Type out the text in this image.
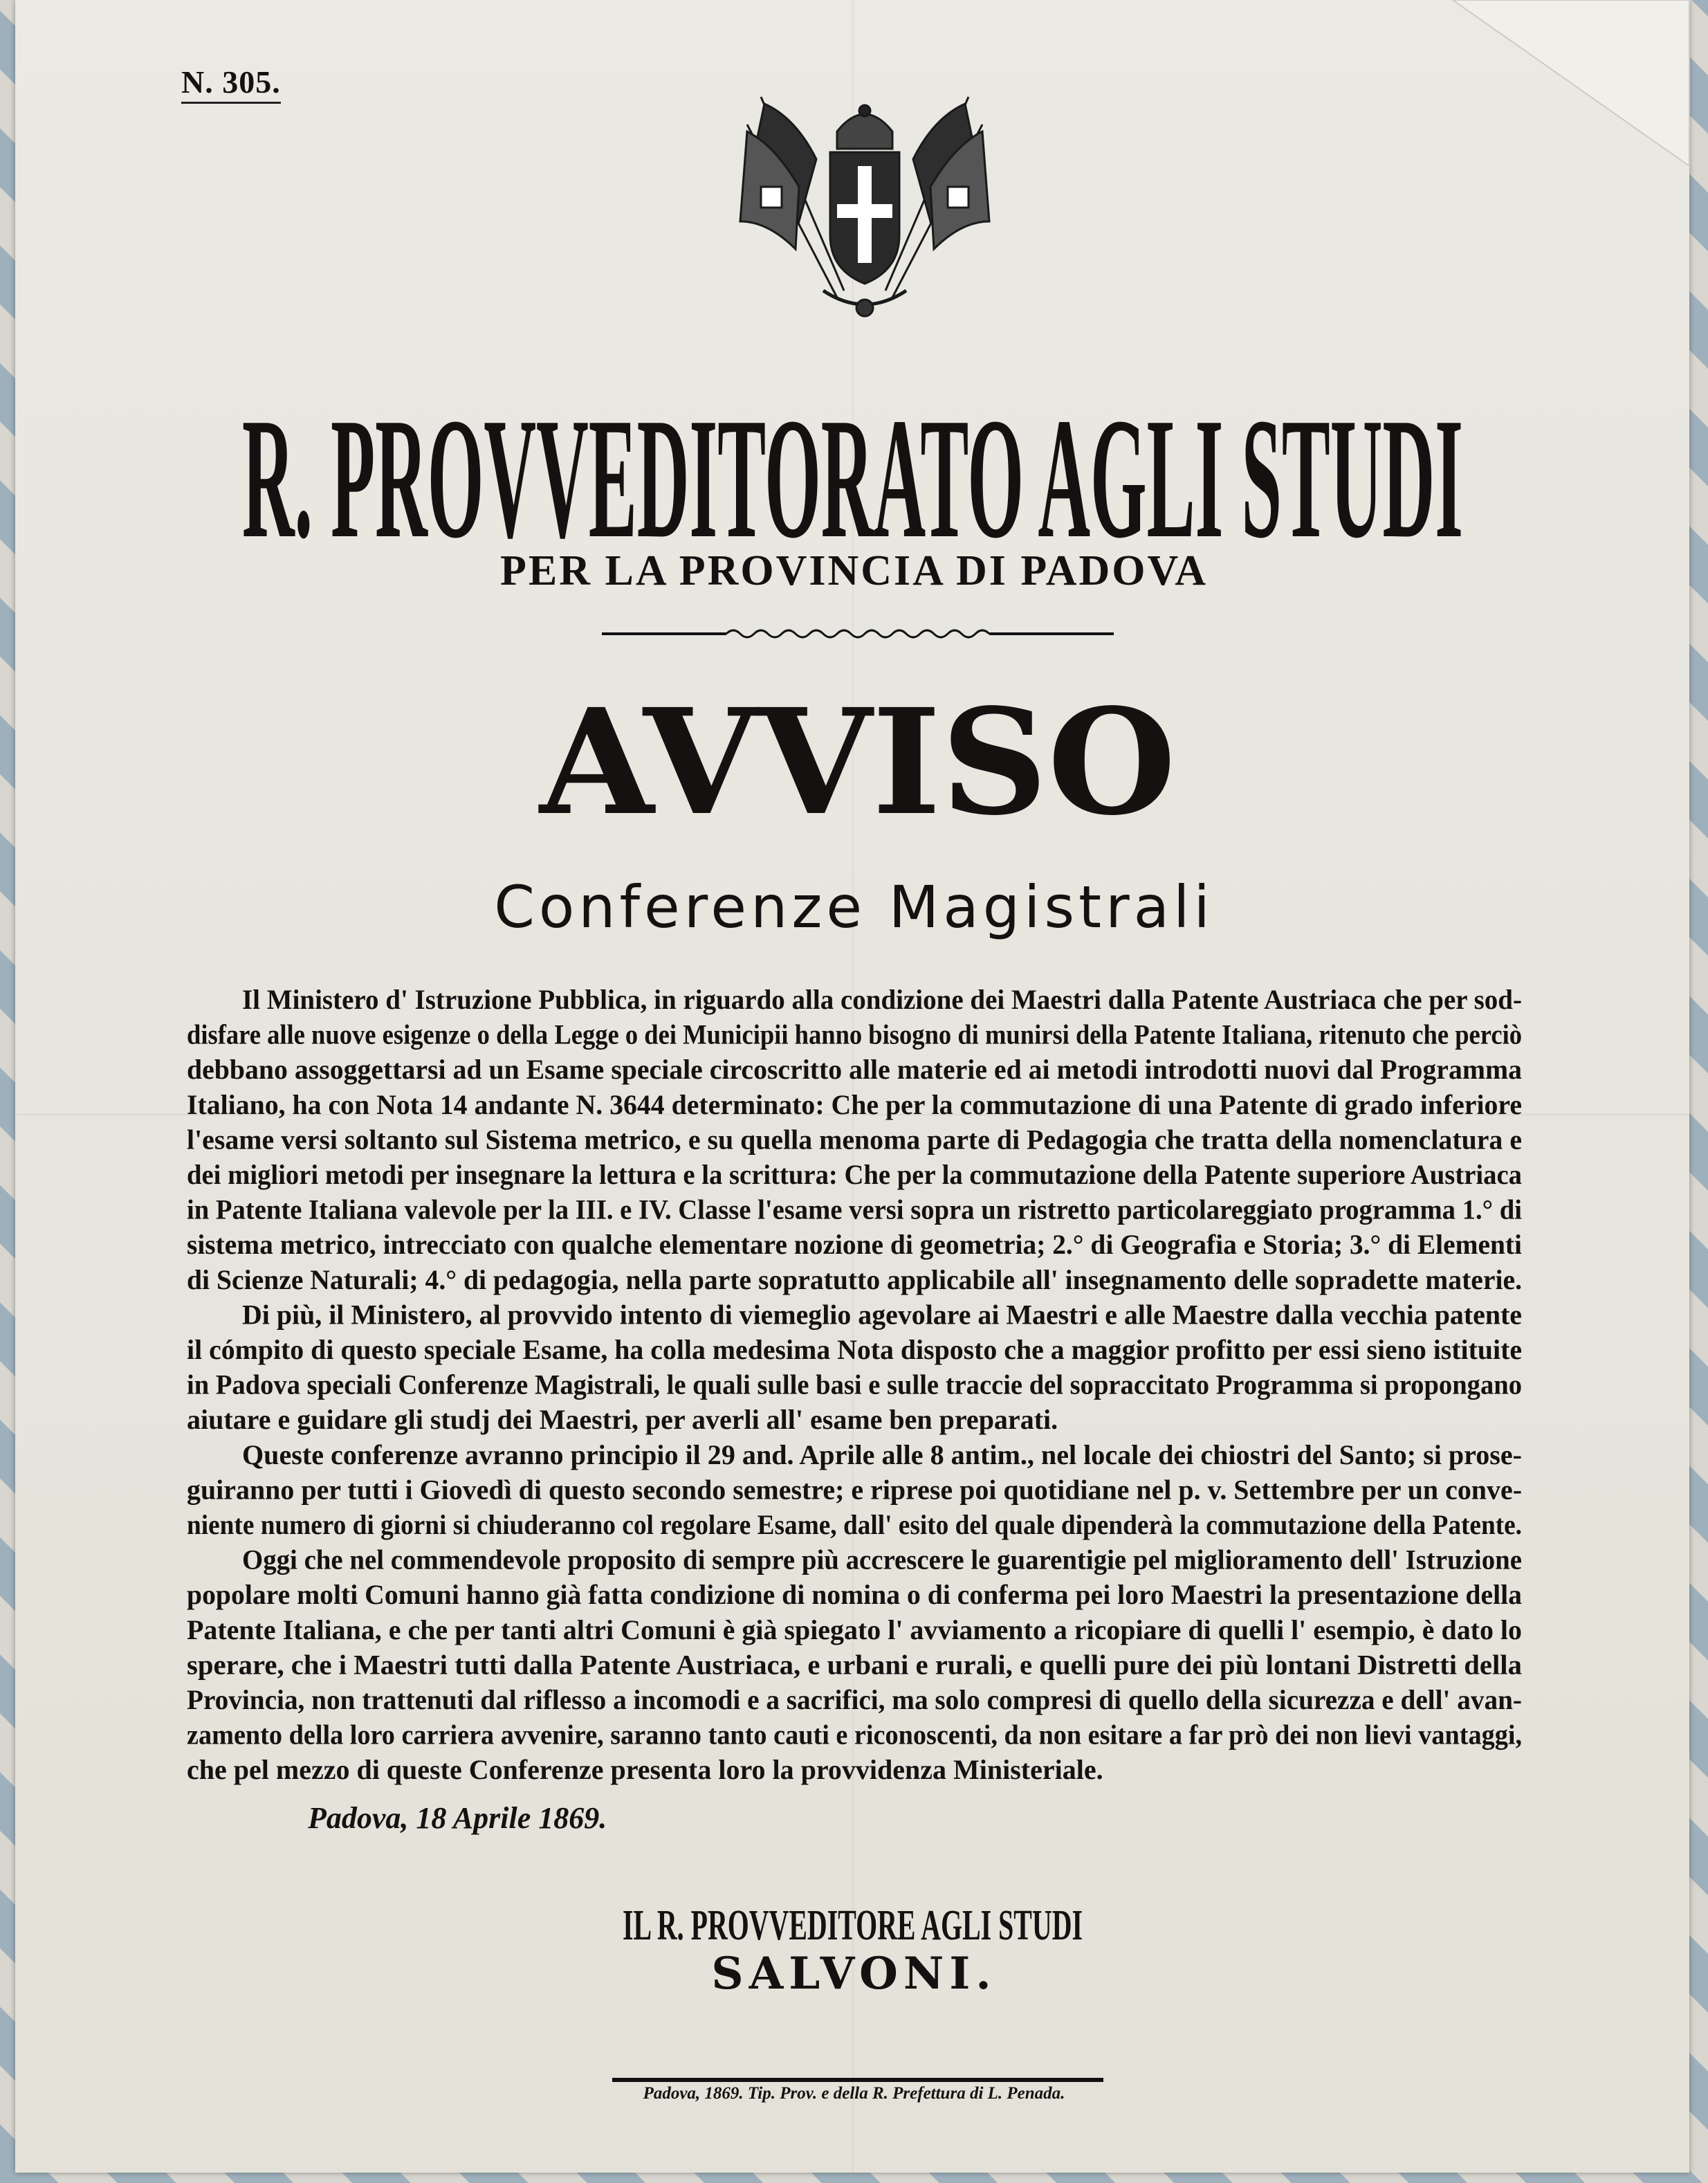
N. 305.
R. PROVVEDITORATO AGLI STUDI
PER LA PROVINCIA DI PADOVA
AVVISO
Conferenze Magistrali
Il Ministero d' Istruzione Pubblica, in riguardo alla condizione dei Maestri dalla Patente Austriaca che per sod-
disfare alle nuove esigenze o della Legge o dei Municipii hanno bisogno di munirsi della Patente Italiana, ritenuto che perciò
debbano assoggettarsi ad un Esame speciale circoscritto alle materie ed ai metodi introdotti nuovi dal Programma
Italiano, ha con Nota 14 andante N. 3644 determinato: Che per la commutazione di una Patente di grado inferiore
l'esame versi soltanto sul Sistema metrico, e su quella menoma parte di Pedagogia che tratta della nomenclatura e
dei migliori metodi per insegnare la lettura e la scrittura: Che per la commutazione della Patente superiore Austriaca
in Patente Italiana valevole per la III. e IV. Classe l'esame versi sopra un ristretto particolareggiato programma 1.° di
sistema metrico, intrecciato con qualche elementare nozione di geometria; 2.° di Geografia e Storia; 3.° di Elementi
di Scienze Naturali; 4.° di pedagogia, nella parte sopratutto applicabile all' insegnamento delle sopradette materie.
Di più, il Ministero, al provvido intento di viemeglio agevolare ai Maestri e alle Maestre dalla vecchia patente
il cómpito di questo speciale Esame, ha colla medesima Nota disposto che a maggior profitto per essi sieno istituite
in Padova speciali Conferenze Magistrali, le quali sulle basi e sulle traccie del sopraccitato Programma si propongano
aiutare e guidare gli studj dei Maestri, per averli all' esame ben preparati.
Queste conferenze avranno principio il 29 and. Aprile alle 8 antim., nel locale dei chiostri del Santo; si prose-
guiranno per tutti i Giovedì di questo secondo semestre; e riprese poi quotidiane nel p. v. Settembre per un conve-
niente numero di giorni si chiuderanno col regolare Esame, dall' esito del quale dipenderà la commutazione della Patente.
Oggi che nel commendevole proposito di sempre più accrescere le guarentigie pel miglioramento dell' Istruzione
popolare molti Comuni hanno già fatta condizione di nomina o di conferma pei loro Maestri la presentazione della
Patente Italiana, e che per tanti altri Comuni è già spiegato l' avviamento a ricopiare di quelli l' esempio, è dato lo
sperare, che i Maestri tutti dalla Patente Austriaca, e urbani e rurali, e quelli pure dei più lontani Distretti della
Provincia, non trattenuti dal riflesso a incomodi e a sacrifici, ma solo compresi di quello della sicurezza e dell' avan-
zamento della loro carriera avvenire, saranno tanto cauti e riconoscenti, da non esitare a far prò dei non lievi vantaggi,
che pel mezzo di queste Conferenze presenta loro la provvidenza Ministeriale.
Padova, 18 Aprile 1869.
IL R. PROVVEDITORE AGLI STUDI
SALVONI.
Padova, 1869. Tip. Prov. e della R. Prefettura di L. Penada.
